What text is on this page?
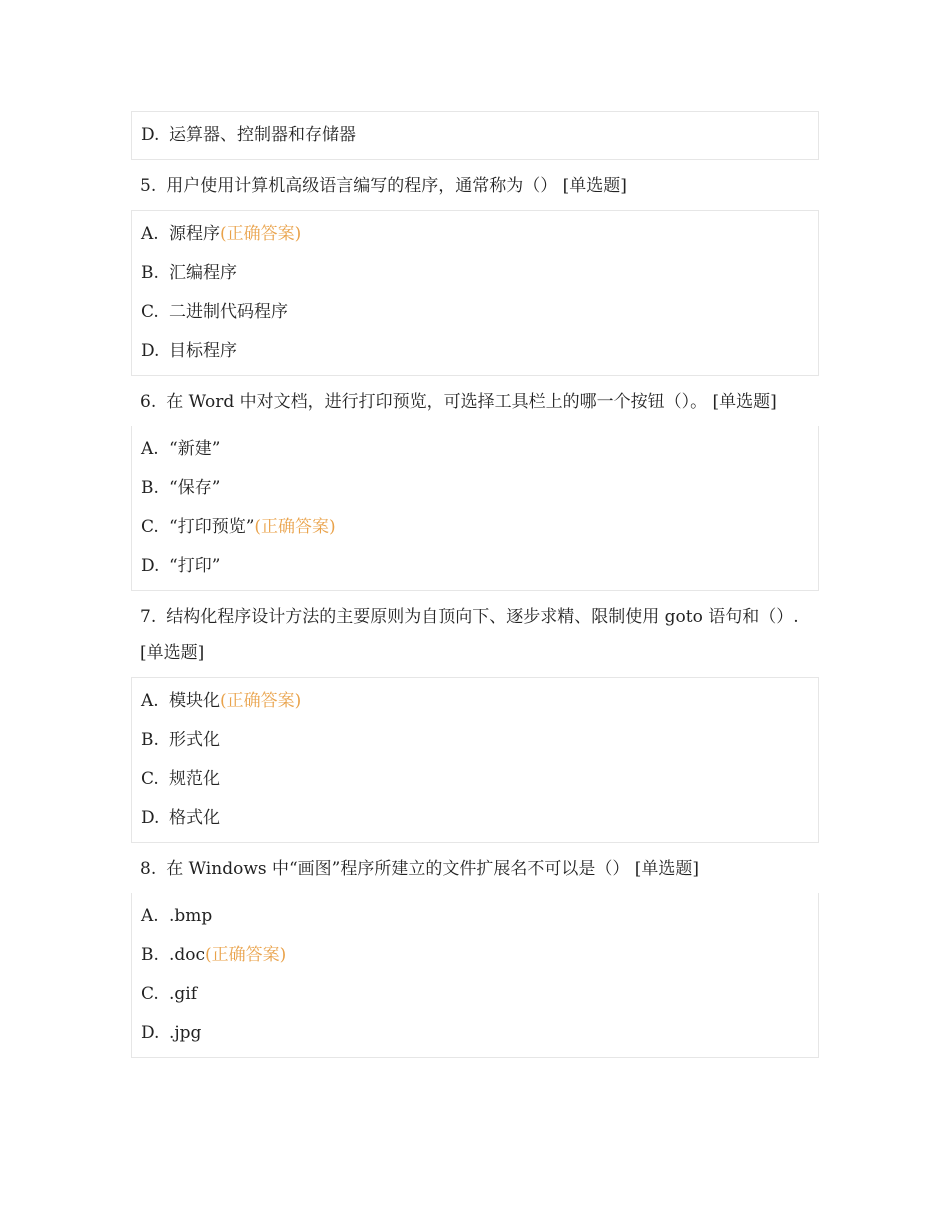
D. 运算器、控制器和存储器
5. 用户使用计算机高级语言编写的程序，通常称为（） [单选题]
A. 源程序(正确答案)
B. 汇编程序
C. 二进制代码程序
D. 目标程序
6. 在 Word 中对文档，进行打印预览，可选择工具栏上的哪一个按钮（）。 [单选题]
A. “新建”
B. “保存”
C. “打印预览”(正确答案)
D. “打印”
7. 结构化程序设计方法的主要原则为自顶向下、逐步求精、限制使用 goto 语句和（）. [单选题]
A. 模块化(正确答案)
B. 形式化
C. 规范化
D. 格式化
8. 在 Windows 中“画图”程序所建立的文件扩展名不可以是（） [单选题]
A. .bmp
B. .doc(正确答案)
C. .gif
D. .jpg
